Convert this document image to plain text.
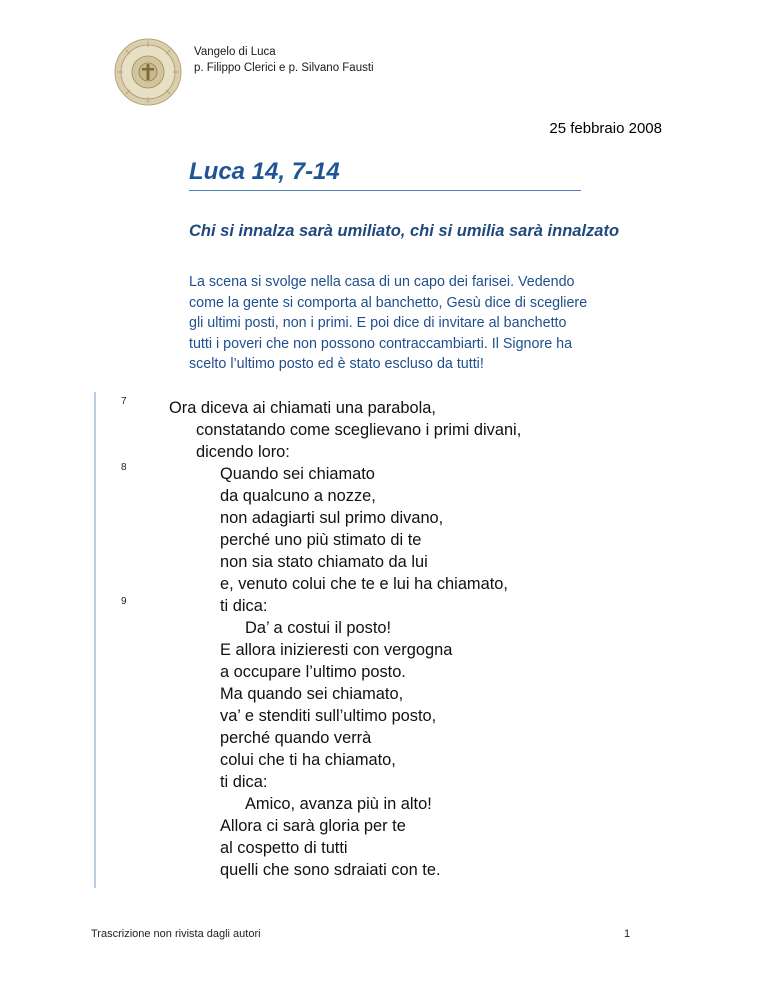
Vangelo di Luca
p. Filippo Clerici e p. Silvano Fausti
25 febbraio 2008
Luca 14, 7-14
Chi si innalza sarà umiliato, chi si umilia sarà innalzato
La scena si svolge nella casa di un capo dei farisei. Vedendo
come la gente si comporta al banchetto, Gesù dice di scegliere
gli ultimi posti, non i primi. E poi dice di invitare al banchetto
tutti i poveri che non possono contraccambiarti. Il Signore ha
scelto l’ultimo posto ed è stato escluso da tutti!
7
8
9
Ora diceva ai chiamati una parabola,
constatando come sceglievano i primi divani,
dicendo loro:
Quando sei chiamato
da qualcuno a nozze,
non adagiarti sul primo divano,
perché uno più stimato di te
non sia stato chiamato da lui
e, venuto colui che te e lui ha chiamato,
ti dica:
Da’ a costui il posto!
E allora inizieresti con vergogna
a occupare l’ultimo posto.
Ma quando sei chiamato,
va’ e stenditi sull’ultimo posto,
perché quando verrà
colui che ti ha chiamato,
ti dica:
Amico, avanza più in alto!
Allora ci sarà gloria per te
al cospetto di tutti
quelli che sono sdraiati con te.
Trascrizione non rivista dagli autori	1
